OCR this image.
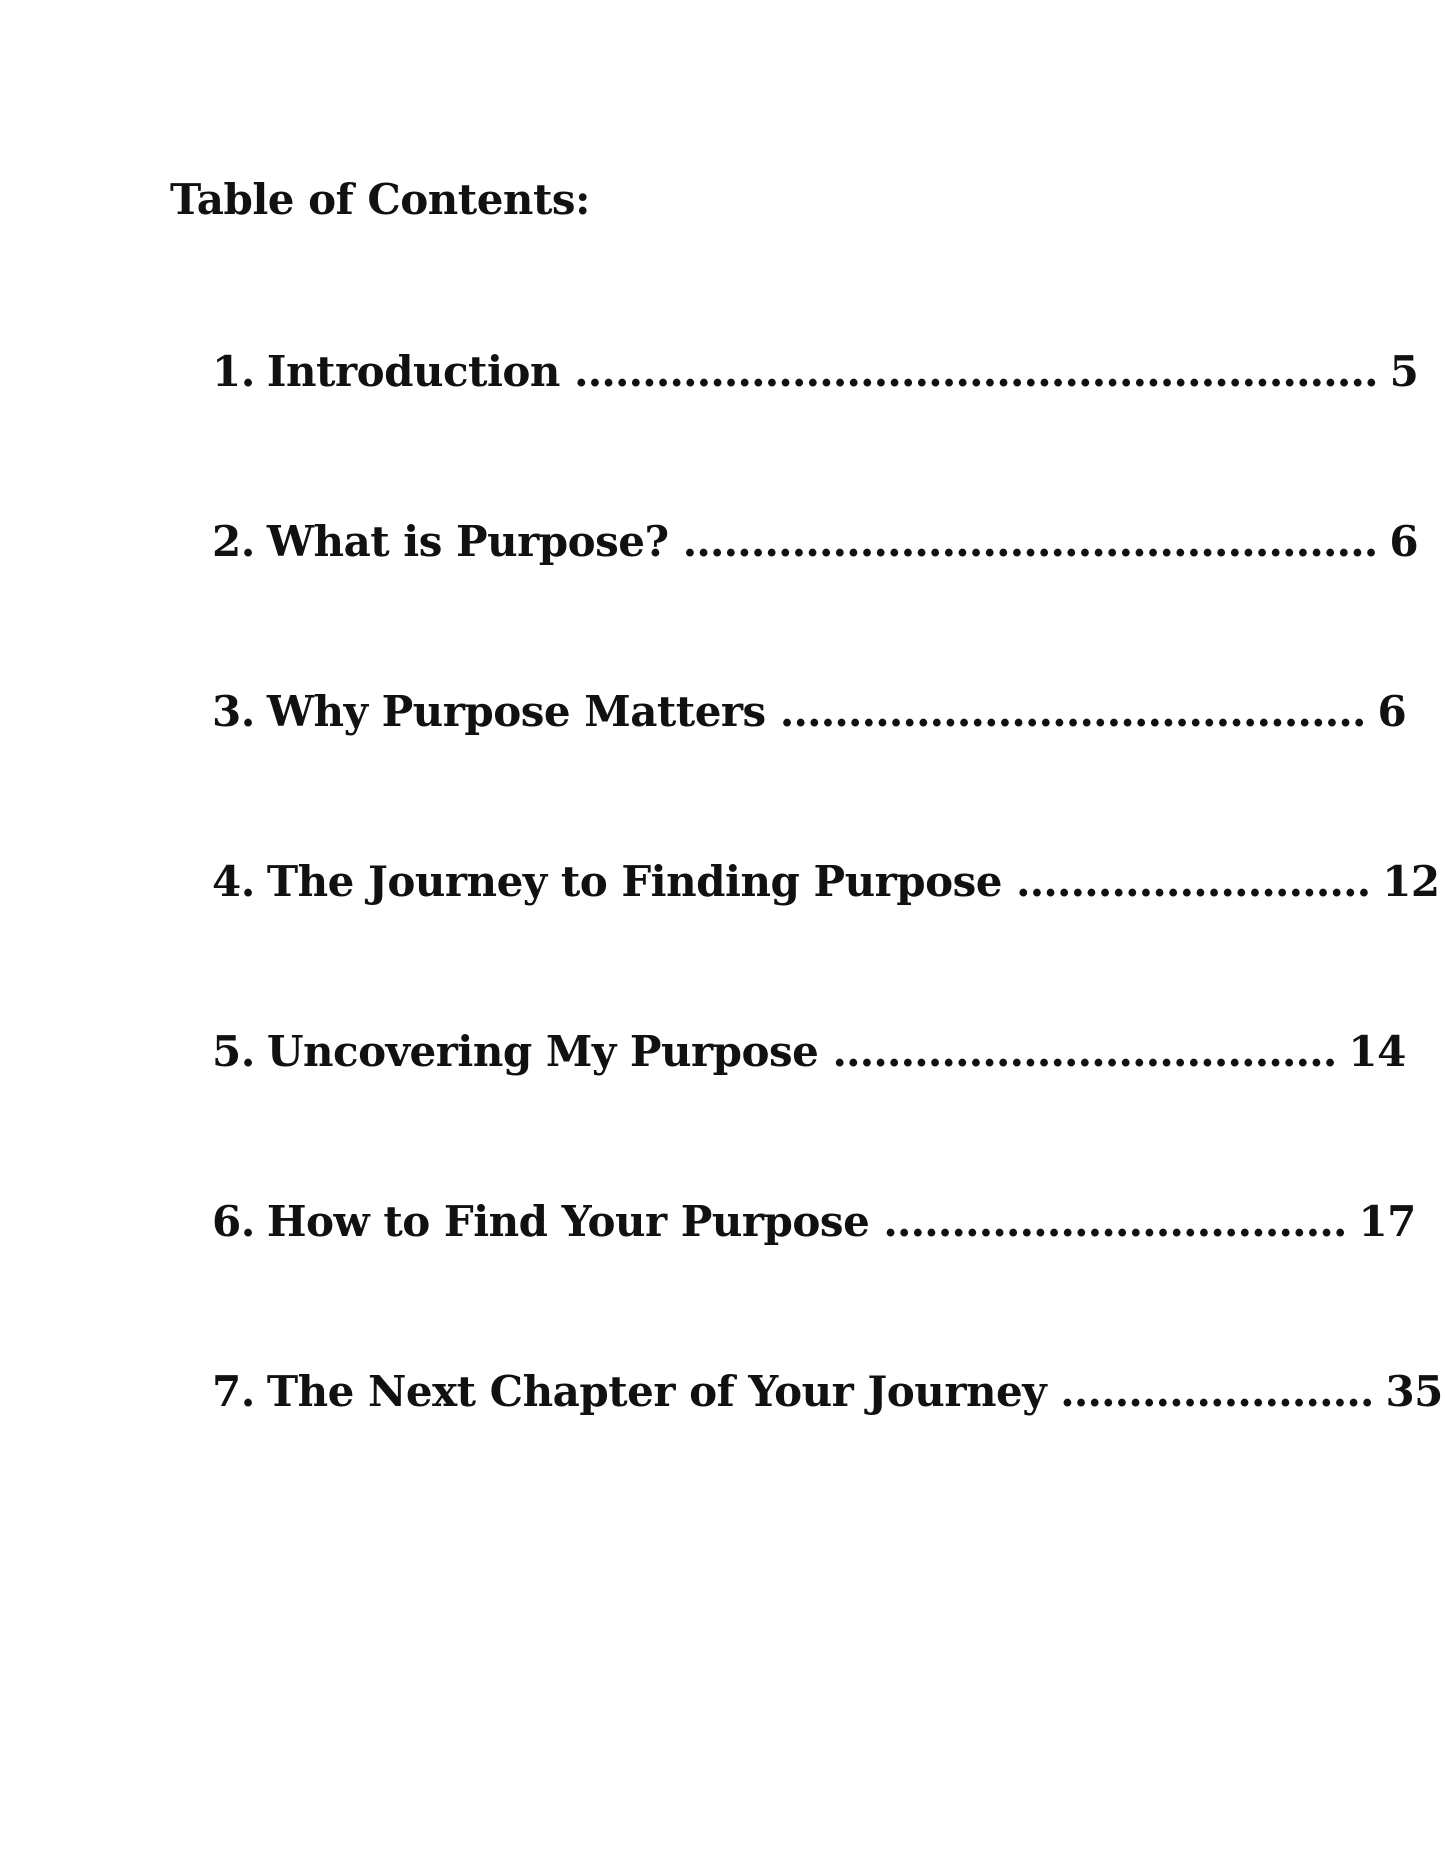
Table of Contents:
1. Introduction ........................................................... 5
2. What is Purpose? ................................................... 6
3. Why Purpose Matters ........................................... 6
4. The Journey to Finding Purpose .......................... 12
5. Uncovering My Purpose ..................................... 14
6. How to Find Your Purpose .................................. 17
7. The Next Chapter of Your Journey ....................... 35
